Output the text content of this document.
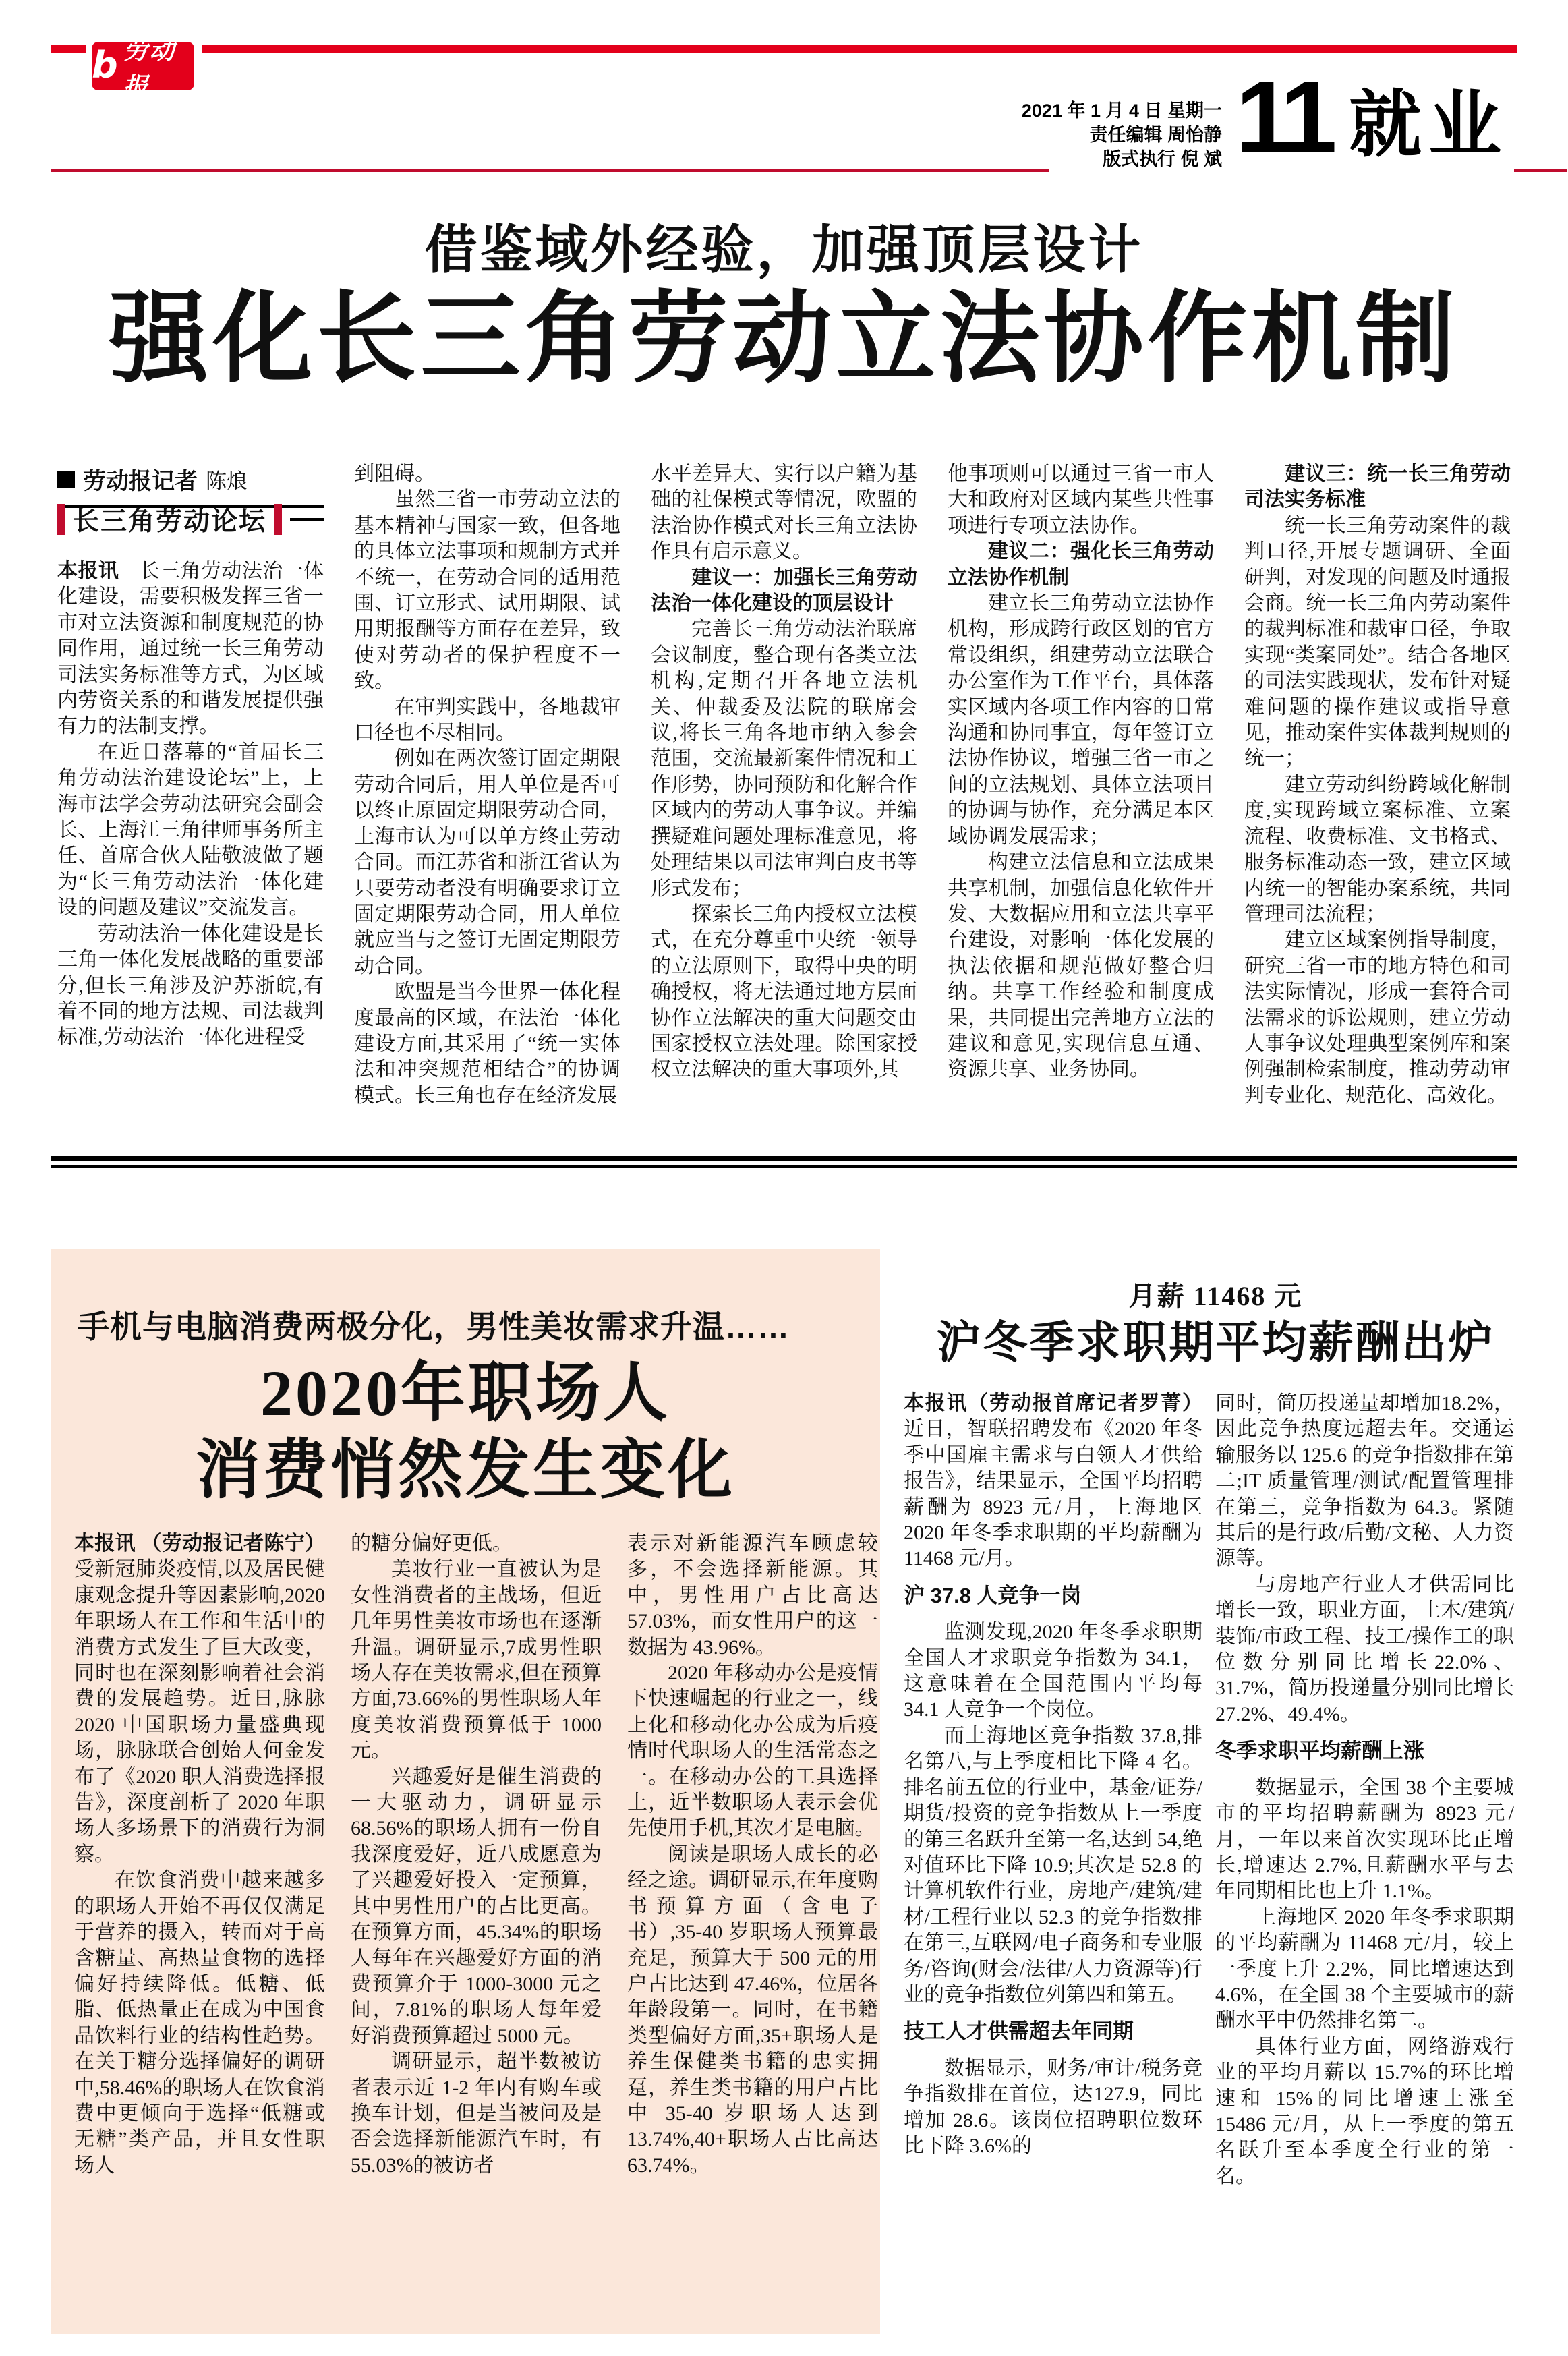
b 劳动报
2021 年 1 月 4 日 星期一
责任编辑 周怡静
版式执行 倪 斌 11 就业
借鉴域外经验，加强顶层设计
强化长三角劳动立法协作机制
劳动报记者 陈烺
长三角劳动论坛

本报讯　长三角劳动法治一体化建设，需要积极发挥三省一市对立法资源和制度规范的协同作用，通过统一长三角劳动司法实务标准等方式，为区域内劳资关系的和谐发展提供强有力的法制支撑。

在近日落幕的“首届长三角劳动法治建设论坛”上，上海市法学会劳动法研究会副会长、上海江三角律师事务所主任、首席合伙人陆敬波做了题为“长三角劳动法治一体化建设的问题及建议”交流发言。

劳动法治一体化建设是长三角一体化发展战略的重要部分,但长三角涉及沪苏浙皖,有着不同的地方法规、司法裁判标准,劳动法治一体化进程受

到阻碍。

虽然三省一市劳动立法的基本精神与国家一致，但各地的具体立法事项和规制方式并不统一，在劳动合同的适用范围、订立形式、试用期限、试用期报酬等方面存在差异，致使对劳动者的保护程度不一致。

在审判实践中，各地裁审口径也不尽相同。

例如在两次签订固定期限劳动合同后，用人单位是否可以终止原固定期限劳动合同，上海市认为可以单方终止劳动合同。而江苏省和浙江省认为只要劳动者没有明确要求订立固定期限劳动合同，用人单位就应当与之签订无固定期限劳动合同。

欧盟是当今世界一体化程度最高的区域，在法治一体化建设方面,其采用了“统一实体法和冲突规范相结合”的协调模式。长三角也存在经济发展

水平差异大、实行以户籍为基础的社保模式等情况，欧盟的法治协作模式对长三角立法协作具有启示意义。

建议一：加强长三角劳动法治一体化建设的顶层设计

完善长三角劳动法治联席会议制度，整合现有各类立法机构,定期召开各地立法机关、仲裁委及法院的联席会议,将长三角各地市纳入参会范围，交流最新案件情况和工作形势，协同预防和化解合作区域内的劳动人事争议。并编撰疑难问题处理标准意见，将处理结果以司法审判白皮书等形式发布；

探索长三角内授权立法模式，在充分尊重中央统一领导的立法原则下，取得中央的明确授权，将无法通过地方层面协作立法解决的重大问题交由国家授权立法处理。除国家授权立法解决的重大事项外,其

他事项则可以通过三省一市人大和政府对区域内某些共性事项进行专项立法协作。

建议二：强化长三角劳动立法协作机制

建立长三角劳动立法协作机构，形成跨行政区划的官方常设组织，组建劳动立法联合办公室作为工作平台，具体落实区域内各项工作内容的日常沟通和协同事宜，每年签订立法协作协议，增强三省一市之间的立法规划、具体立法项目的协调与协作，充分满足本区域协调发展需求；

构建立法信息和立法成果共享机制，加强信息化软件开发、大数据应用和立法共享平台建设，对影响一体化发展的执法依据和规范做好整合归纳。共享工作经验和制度成果，共同提出完善地方立法的建议和意见,实现信息互通、资源共享、业务协同。

建议三：统一长三角劳动司法实务标准

统一长三角劳动案件的裁判口径,开展专题调研、全面研判，对发现的问题及时通报会商。统一长三角内劳动案件的裁判标准和裁审口径，争取实现“类案同处”。结合各地区的司法实践现状，发布针对疑难问题的操作建议或指导意见，推动案件实体裁判规则的统一；

建立劳动纠纷跨域化解制度,实现跨域立案标准、立案流程、收费标准、文书格式、服务标准动态一致，建立区域内统一的智能办案系统，共同管理司法流程；

建立区域案例指导制度，研究三省一市的地方特色和司法实际情况，形成一套符合司法需求的诉讼规则，建立劳动人事争议处理典型案例库和案例强制检索制度，推动劳动审判专业化、规范化、高效化。

手机与电脑消费两极分化，男性美妆需求升温……
2020年职场人
消费悄然发生变化

本报讯 （劳动报记者陈宁）受新冠肺炎疫情,以及居民健康观念提升等因素影响,2020 年职场人在工作和生活中的消费方式发生了巨大改变，同时也在深刻影响着社会消费的发展趋势。近日,脉脉 2020 中国职场力量盛典现场，脉脉联合创始人何金发布了《2020 职人消费选择报告》，深度剖析了 2020 年职场人多场景下的消费行为洞察。

在饮食消费中越来越多的职场人开始不再仅仅满足于营养的摄入，转而对于高含糖量、高热量食物的选择偏好持续降低。低糖、低脂、低热量正在成为中国食品饮料行业的结构性趋势。在关于糖分选择偏好的调研中,58.46%的职场人在饮食消费中更倾向于选择“低糖或无糖”类产品，并且女性职场人

的糖分偏好更低。

美妆行业一直被认为是女性消费者的主战场，但近几年男性美妆市场也在逐渐升温。调研显示,7成男性职场人存在美妆需求,但在预算方面,73.66%的男性职场人年度美妆消费预算低于 1000 元。

兴趣爱好是催生消费的一大驱动力，调研显示 68.56%的职场人拥有一份自我深度爱好，近八成愿意为了兴趣爱好投入一定预算，其中男性用户的占比更高。在预算方面，45.34%的职场人每年在兴趣爱好方面的消费预算介于 1000-3000 元之间，7.81%的职场人每年爱好消费预算超过 5000 元。

调研显示，超半数被访者表示近 1-2 年内有购车或换车计划，但是当被问及是否会选择新能源汽车时，有 55.03%的被访者

表示对新能源汽车顾虑较多，不会选择新能源。其中，男性用户占比高达 57.03%，而女性用户的这一数据为 43.96%。

2020 年移动办公是疫情下快速崛起的行业之一，线上化和移动化办公成为后疫情时代职场人的生活常态之一。在移动办公的工具选择上，近半数职场人表示会优先使用手机,其次才是电脑。

阅读是职场人成长的必经之途。调研显示,在年度购书预算方面（含电子书）,35-40 岁职场人预算最充足，预算大于 500 元的用户占比达到 47.46%，位居各年龄段第一。同时，在书籍类型偏好方面,35+职场人是养生保健类书籍的忠实拥趸，养生类书籍的用户占比中 35-40 岁职场人达到13.74%,40+职场人占比高达 63.74%。

月薪 11468 元
沪冬季求职期平均薪酬出炉

本报讯（劳动报首席记者罗菁）近日，智联招聘发布《2020 年冬季中国雇主需求与白领人才供给报告》，结果显示，全国平均招聘薪酬为 8923 元/月，上海地区 2020 年冬季求职期的平均薪酬为 11468 元/月。

沪 37.8 人竞争一岗

监测发现,2020 年冬季求职期全国人才求职竞争指数为 34.1，这意味着在全国范围内平均每 34.1 人竞争一个岗位。

而上海地区竞争指数 37.8,排名第八,与上季度相比下降 4 名。排名前五位的行业中，基金/证券/期货/投资的竞争指数从上一季度的第三名跃升至第一名,达到 54,绝对值环比下降 10.9;其次是 52.8 的计算机软件行业，房地产/建筑/建材/工程行业以 52.3 的竞争指数排在第三,互联网/电子商务和专业服务/咨询(财会/法律/人力资源等)行业的竞争指数位列第四和第五。

技工人才供需超去年同期

数据显示，财务/审计/税务竞争指数排在首位，达127.9，同比增加 28.6。该岗位招聘职位数环比下降 3.6%的

同时，简历投递量却增加18.2%，因此竞争热度远超去年。交通运输服务以 125.6 的竞争指数排在第二;IT 质量管理/测试/配置管理排在第三，竞争指数为 64.3。紧随其后的是行政/后勤/文秘、人力资源等。

与房地产行业人才供需同比增长一致，职业方面，土木/建筑/装饰/市政工程、技工/操作工的职位数分别同比增长22.0%、31.7%，简历投递量分别同比增长 27.2%、49.4%。

冬季求职平均薪酬上涨

数据显示，全国 38 个主要城市的平均招聘薪酬为 8923 元/月，一年以来首次实现环比正增长,增速达 2.7%,且薪酬水平与去年同期相比也上升 1.1%。

上海地区 2020 年冬季求职期的平均薪酬为 11468 元/月，较上一季度上升 2.2%，同比增速达到 4.6%，在全国 38 个主要城市的薪酬水平中仍然排名第二。

具体行业方面，网络游戏行业的平均月薪以 15.7%的环比增速和 15%的同比增速上涨至 15486 元/月，从上一季度的第五名跃升至本季度全行业的第一名。
